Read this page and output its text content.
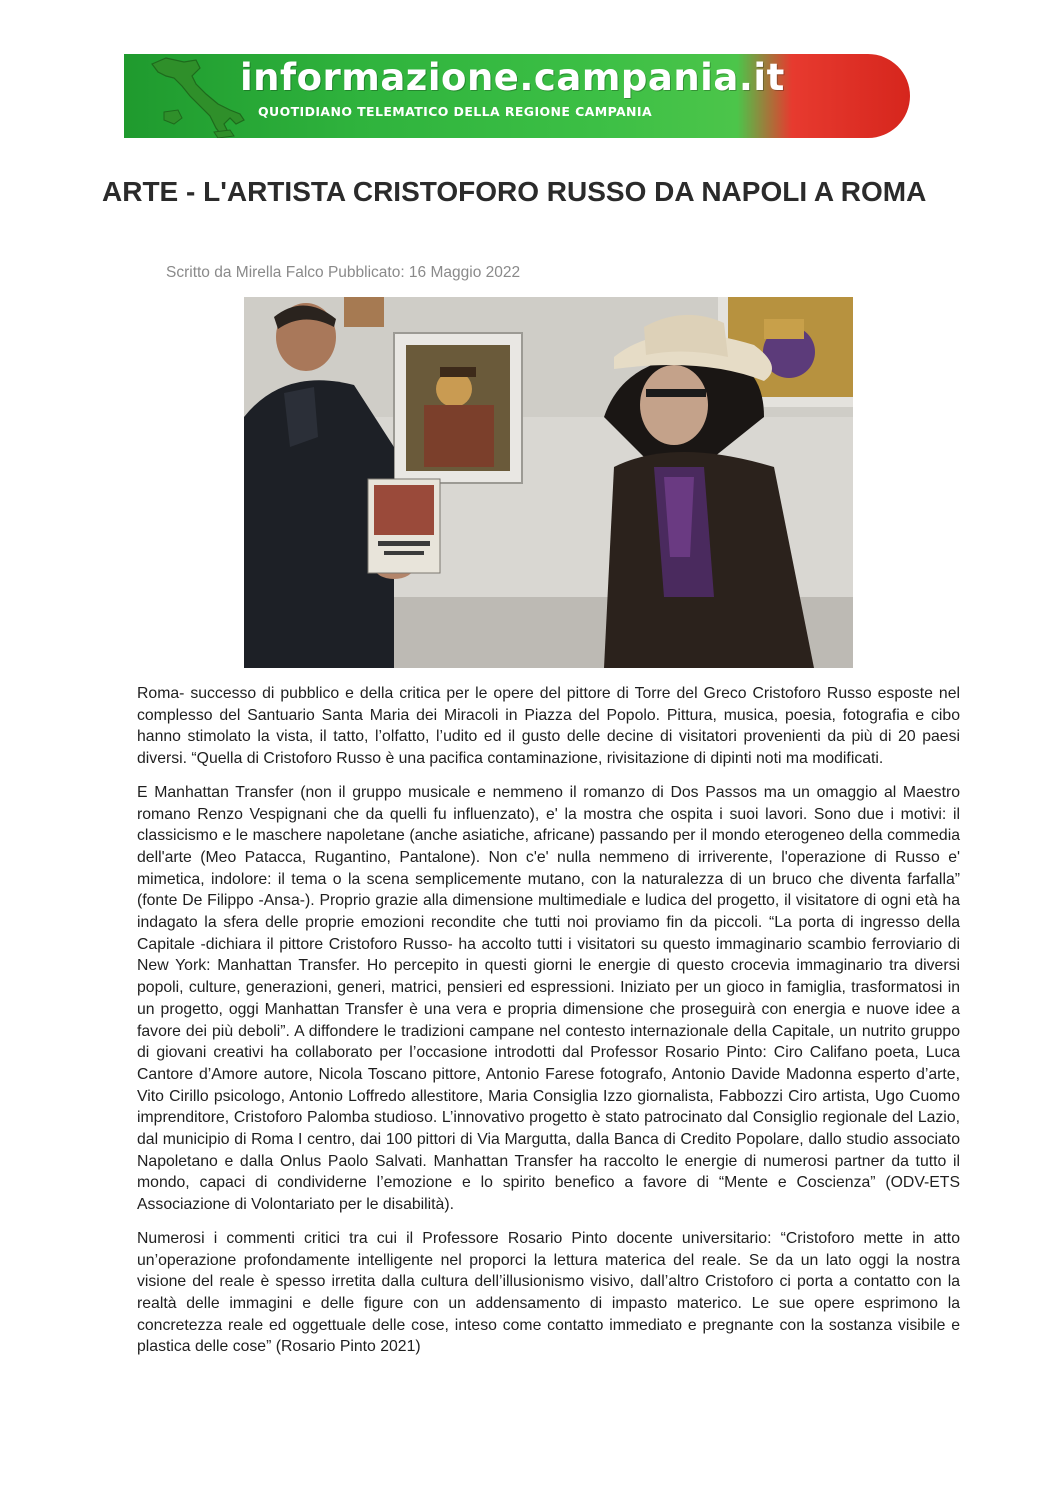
informazione.campania.it
QUOTIDIANO TELEMATICO DELLA REGIONE CAMPANIA
ARTE - L'ARTISTA CRISTOFORO RUSSO DA NAPOLI A ROMA
Scritto da Mirella Falco Pubblicato: 16 Maggio 2022

Roma- successo di pubblico e della critica per le opere del pittore di Torre del Greco Cristoforo Russo esposte nel complesso del Santuario Santa Maria dei Miracoli in Piazza del Popolo. Pittura, musica, poesia, fotografia e cibo hanno stimolato la vista, il tatto, l’olfatto, l’udito ed il gusto delle decine di visitatori provenienti da più di 20 paesi diversi. “Quella di Cristoforo Russo è una pacifica contaminazione, rivisitazione di dipinti noti ma modificati.

E Manhattan Transfer (non il gruppo musicale e nemmeno il romanzo di Dos Passos ma un omaggio al Maestro romano Renzo Vespignani che da quelli fu influenzato), e' la mostra che ospita i suoi lavori. Sono due i motivi: il classicismo e le maschere napoletane (anche asiatiche, africane) passando per il mondo eterogeneo della commedia dell'arte (Meo Patacca, Rugantino, Pantalone). Non c'e' nulla nemmeno di irriverente, l'operazione di Russo e' mimetica, indolore: il tema o la scena semplicemente mutano, con la naturalezza di un bruco che diventa farfalla” (fonte De Filippo -Ansa-). Proprio grazie alla dimensione multimediale e ludica del progetto, il visitatore di ogni età ha indagato la sfera delle proprie emozioni recondite che tutti noi proviamo fin da piccoli. “La porta di ingresso della Capitale -dichiara il pittore Cristoforo Russo- ha accolto tutti i visitatori su questo immaginario scambio ferroviario di New York: Manhattan Transfer. Ho percepito in questi giorni le energie di questo crocevia immaginario tra diversi popoli, culture, generazioni, generi, matrici, pensieri ed espressioni. Iniziato per un gioco in famiglia, trasformatosi in un progetto, oggi Manhattan Transfer è una vera e propria dimensione che proseguirà con energia e nuove idee a favore dei più deboli”. A diffondere le tradizioni campane nel contesto internazionale della Capitale, un nutrito gruppo di giovani creativi ha collaborato per l’occasione introdotti dal Professor Rosario Pinto: Ciro Califano poeta, Luca Cantore d’Amore autore, Nicola Toscano pittore, Antonio Farese fotografo, Antonio Davide Madonna esperto d’arte, Vito Cirillo psicologo, Antonio Loffredo allestitore, Maria Consiglia Izzo giornalista, Fabbozzi Ciro artista, Ugo Cuomo imprenditore, Cristoforo Palomba studioso. L’innovativo progetto è stato patrocinato dal Consiglio regionale del Lazio, dal municipio di Roma I centro, dai 100 pittori di Via Margutta, dalla Banca di Credito Popolare, dallo studio associato Napoletano e dalla Onlus Paolo Salvati. Manhattan Transfer ha raccolto le energie di numerosi partner da tutto il mondo, capaci di condividerne l’emozione e lo spirito benefico a favore di “Mente e Coscienza” (ODV-ETS Associazione di Volontariato per le disabilità).

Numerosi i commenti critici tra cui il Professore Rosario Pinto docente universitario: “Cristoforo mette in atto un’operazione profondamente intelligente nel proporci la lettura materica del reale. Se da un lato oggi la nostra visione del reale è spesso irretita dalla cultura dell’illusionismo visivo, dall’altro Cristoforo ci porta a contatto con la realtà delle immagini e delle figure con un addensamento di impasto materico. Le sue opere esprimono la concretezza reale ed oggettuale delle cose, inteso come contatto immediato e pregnante con la sostanza visibile e plastica delle cose” (Rosario Pinto 2021)
